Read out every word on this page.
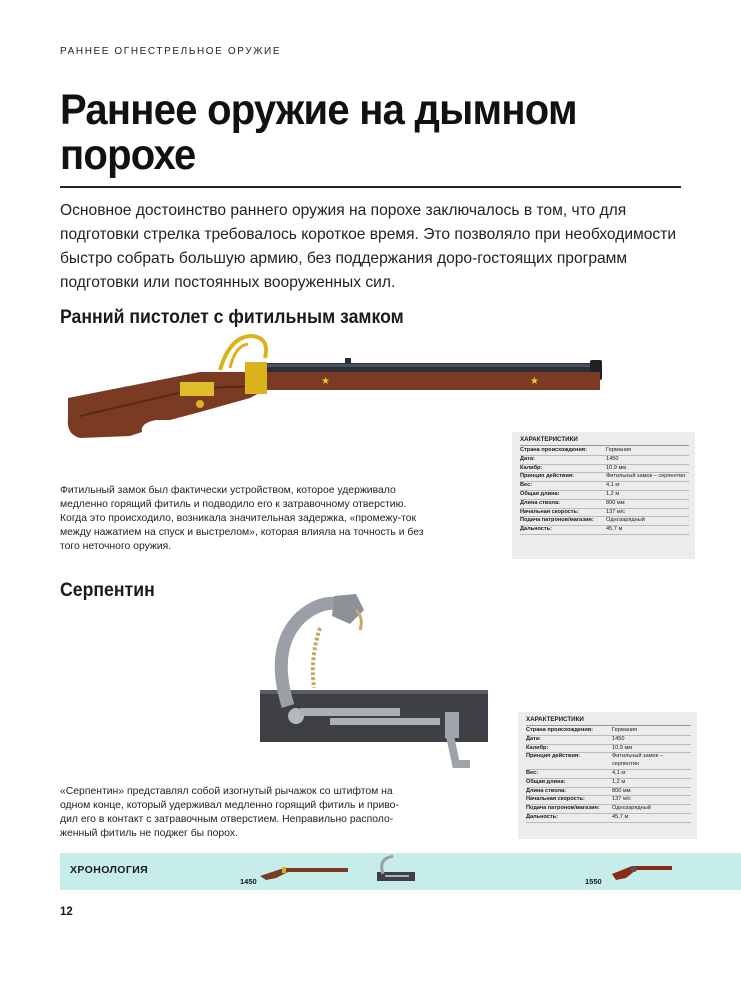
РАННЕЕ ОГНЕСТРЕЛЬНОЕ ОРУЖИЕ
Раннее оружие на дымном порохе
Основное достоинство раннего оружия на порохе заключалось в том, что для подготовки стрелка требовалось короткое время. Это позволяло при необходимости быстро собрать большую армию, без поддержания доро-гостоящих программ подготовки или постоянных вооруженных сил.
Ранний пистолет с фитильным замком
★	★
ХАРАКТЕРИСТИКИ
Страна происхождения:	Германия
Дата:	1450
Калибр:	10,9 мм
Принцип действия:	Фитильный замок – серпентин
Вес:	4,1 кг
Общая длина:	1,2 м
Длина ствола:	800 мм
Начальная скорость:	137 м/с
Подача патронов/магазин:	Однозарядный
Дальность:	45,7 м
Фитильный замок был фактически устройством, которое удерживало медленно горящий фитиль и подводило его к затравочному отверстию. Когда это происходило, возникала значительная задержка, «промежу-ток между нажатием на спуск и выстрелом», которая влияла на точность и без того неточного оружия.
Серпентин
ХАРАКТЕРИСТИКИ
Страна происхождения:	Германия
Дата:	1450
Калибр:	10,9 мм
Принцип действия:	Фитильный замок – серпентин
Вес:	4,1 кг
Общая длина:	1,2 м
Длина ствола:	800 мм
Начальная скорость:	137 м/с
Подача патронов/магазин:	Однозарядный
Дальность:	45,7 м
«Серпентин» представлял собой изогнутый рычажок со штифтом на одном конце, который удерживал медленно горящий фитиль и приво-дил его в контакт с затравочным отверстием. Неправильно располо-женный фитиль не поджег бы порох.
ХРОНОЛОГИЯ
1450	1550
12
